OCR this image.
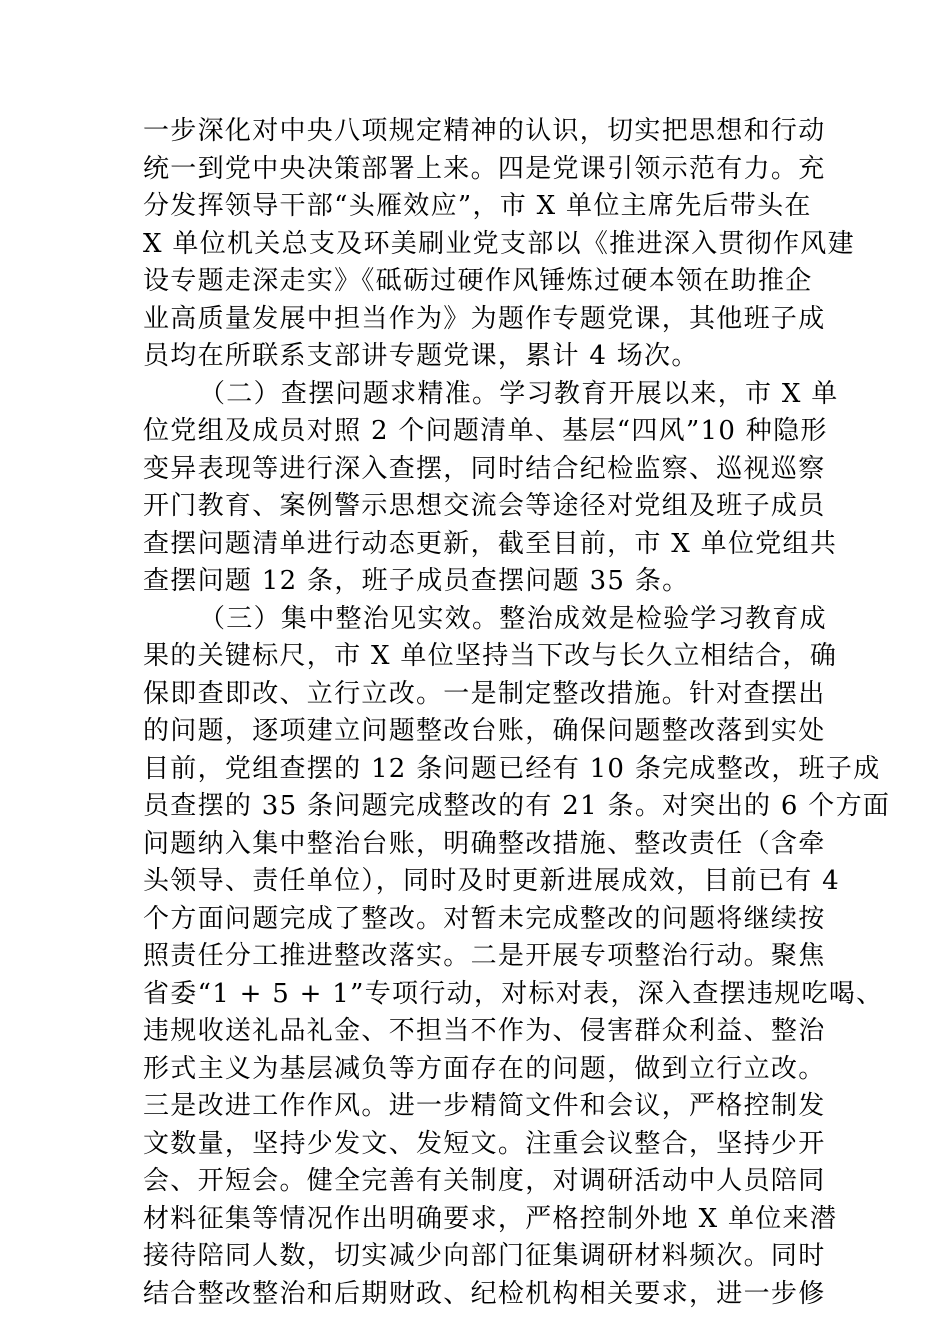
一步深化对中央八项规定精神的认识，切实把思想和行动
统一到党中央决策部署上来。四是党课引领示范有力。充
分发挥领导干部“头雁效应”，市 X 单位主席先后带头在
X 单位机关总支及环美刷业党支部以《推进深入贯彻作风建
设专题走深走实》《砥砺过硬作风锤炼过硬本领在助推企
业高质量发展中担当作为》为题作专题党课，其他班子成
员均在所联系支部讲专题党课，累计 4 场次。
（二）查摆问题求精准。学习教育开展以来，市 X 单
位党组及成员对照 2 个问题清单、基层“四风”10 种隐形
变异表现等进行深入查摆，同时结合纪检监察、巡视巡察
开门教育、案例警示思想交流会等途径对党组及班子成员
查摆问题清单进行动态更新，截至目前，市 X 单位党组共
查摆问题 12 条，班子成员查摆问题 35 条。
（三）集中整治见实效。整治成效是检验学习教育成
果的关键标尺，市 X 单位坚持当下改与长久立相结合，确
保即查即改、立行立改。一是制定整改措施。针对查摆出
的问题，逐项建立问题整改台账，确保问题整改落到实处
目前，党组查摆的 12 条问题已经有 10 条完成整改，班子成
员查摆的 35 条问题完成整改的有 21 条。对突出的 6 个方面
问题纳入集中整治台账，明确整改措施、整改责任（含牵
头领导、责任单位），同时及时更新进展成效，目前已有 4
个方面问题完成了整改。对暂未完成整改的问题将继续按
照责任分工推进整改落实。二是开展专项整治行动。聚焦
省委“1 + 5 + 1”专项行动，对标对表，深入查摆违规吃喝、
违规收送礼品礼金、不担当不作为、侵害群众利益、整治
形式主义为基层减负等方面存在的问题，做到立行立改。
三是改进工作作风。进一步精简文件和会议，严格控制发
文数量，坚持少发文、发短文。注重会议整合，坚持少开
会、开短会。健全完善有关制度，对调研活动中人员陪同
材料征集等情况作出明确要求，严格控制外地 X 单位来潜
接待陪同人数，切实减少向部门征集调研材料频次。同时
结合整改整治和后期财政、纪检机构相关要求，进一步修
